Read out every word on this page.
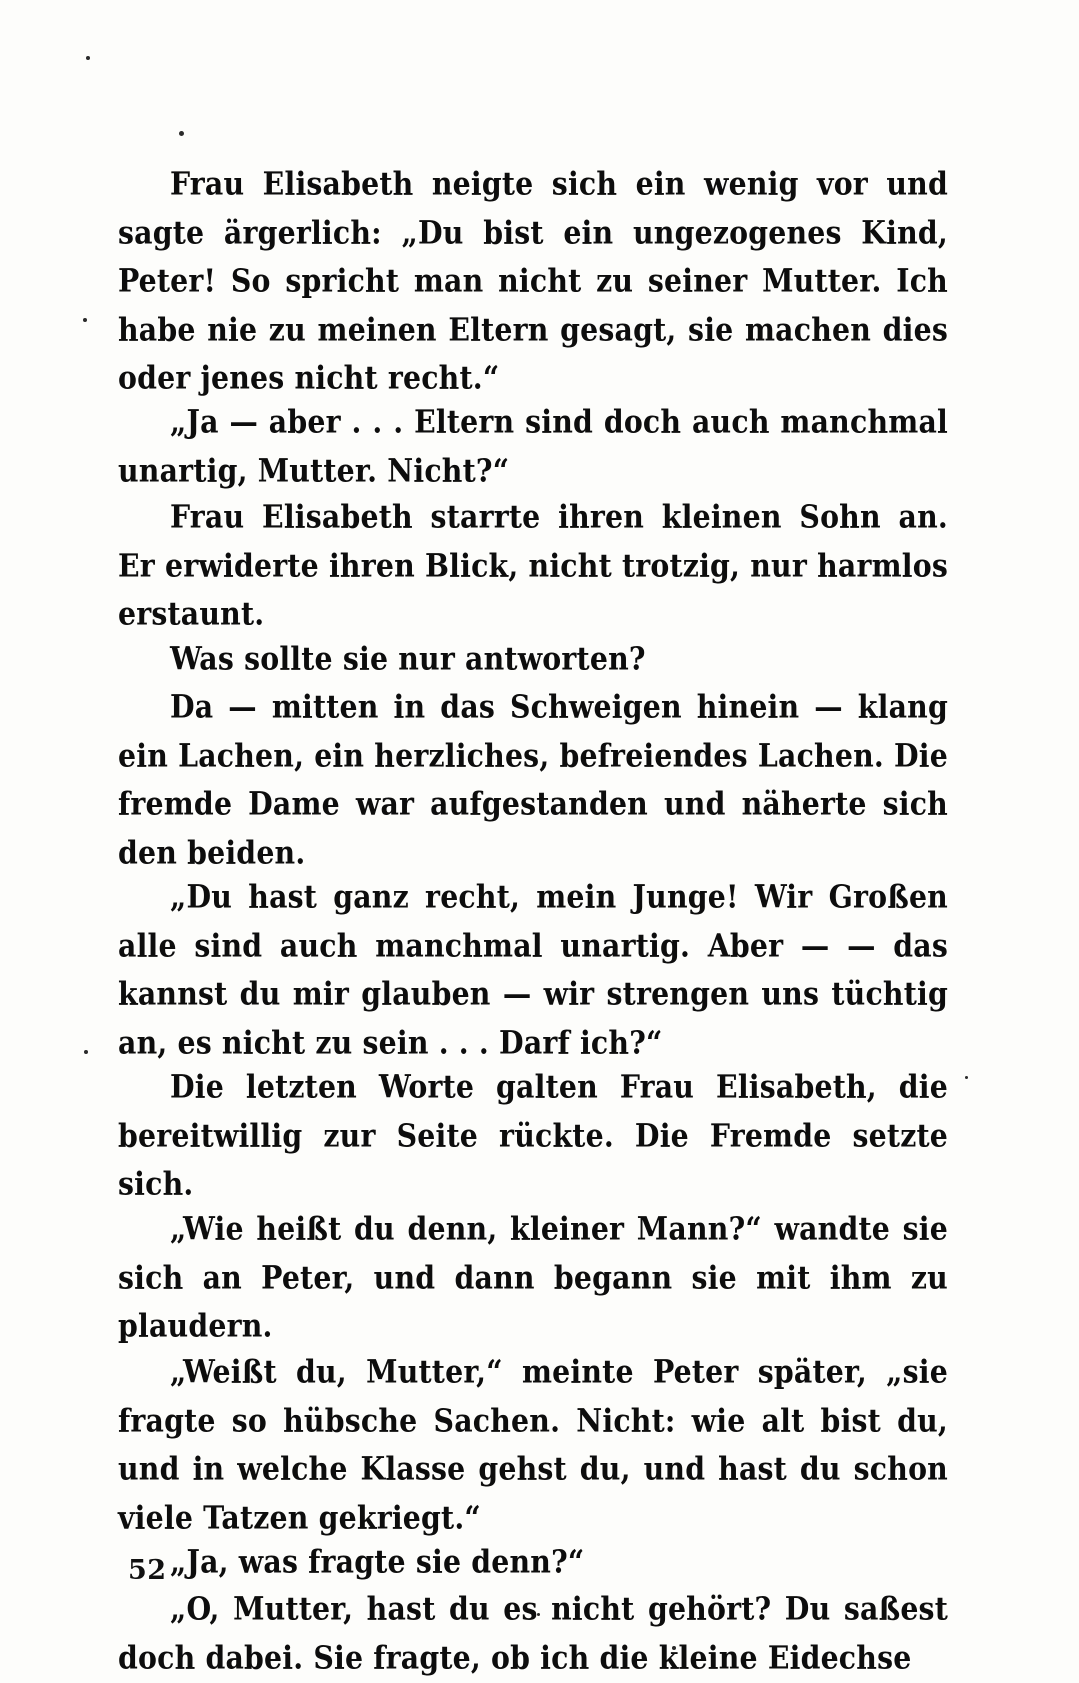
Frau Elisabeth neigte sich ein wenig vor und sagte ärgerlich: „Du bist ein ungezogenes Kind, Peter! So spricht man nicht zu seiner Mutter. Ich habe nie zu meinen Eltern gesagt, sie machen dies oder jenes nicht recht.“

„Ja — aber . . . Eltern sind doch auch manchmal unartig, Mutter. Nicht?“

Frau Elisabeth starrte ihren kleinen Sohn an. Er erwiderte ihren Blick, nicht trotzig, nur harmlos erstaunt.

Was sollte sie nur antworten?

Da — mitten in das Schweigen hinein — klang ein Lachen, ein herzliches, befreiendes Lachen. Die fremde Dame war aufgestanden und näherte sich den beiden.

„Du hast ganz recht, mein Junge! Wir Großen alle sind auch manchmal unartig. Aber — — das kannst du mir glauben — wir strengen uns tüchtig an, es nicht zu sein . . . Darf ich?“

Die letzten Worte galten Frau Elisabeth, die bereitwillig zur Seite rückte. Die Fremde setzte sich.

„Wie heißt du denn, kleiner Mann?“ wandte sie sich an Peter, und dann begann sie mit ihm zu plaudern.

„Weißt du, Mutter,“ meinte Peter später, „sie fragte so hübsche Sachen. Nicht: wie alt bist du, und in welche Klasse gehst du, und hast du schon viele Tatzen gekriegt.“

„Ja, was fragte sie denn?“

„O, Mutter, hast du es nicht gehört? Du saßest doch dabei. Sie fragte, ob ich die kleine Eidechse

52
